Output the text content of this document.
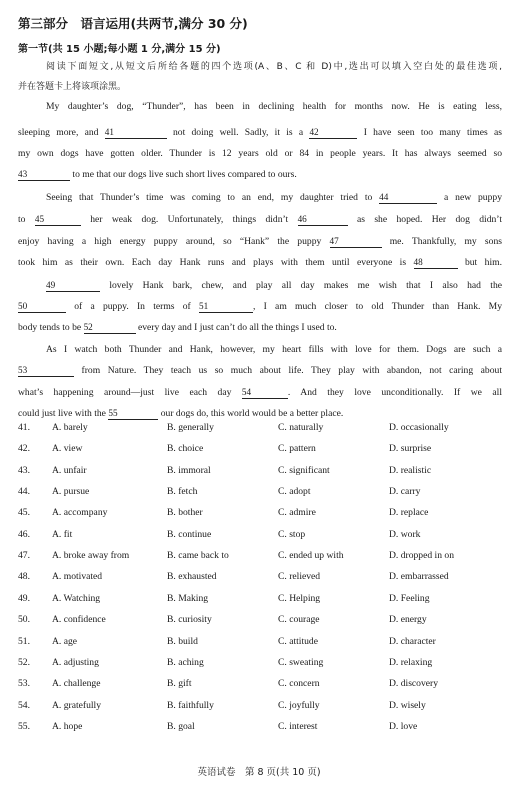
第三部分　语言运用(共两节,满分 30 分)
第一节(共 15 小题;每小题 1 分,满分 15 分)
阅读下面短文,从短文后所给各题的四个选项(A、B、C 和 D)中,选出可以填入空白处的最佳选项,
并在答题卡上将该项涂黑。
My daughter’s dog, “Thunder”, has been in declining health for months now. He is eating less,
sleeping more, and 41	not doing well. Sadly, it is a 42	I have seen too many times as
my own dogs have gotten older. Thunder is 12 years old or 84 in people years. It has always seemed so
43	to me that our dogs live such short lives compared to ours.
Seeing that Thunder’s time was coming to an end, my daughter tried to 44	a new puppy
to 45	her weak dog. Unfortunately, things didn’t 46	as she hoped. Her dog didn’t
enjoy having a high energy puppy around, so “Hank” the puppy 47	me. Thankfully, my sons
took him as their own. Each day Hank runs and plays with them until everyone is 48	but him.
49	lovely Hank bark, chew, and play all day makes me wish that I also had the
50	of a puppy. In terms of 51	, I am much closer to old Thunder than Hank. My
body tends to be 52	every day and I just can’t do all the things I used to.
As I watch both Thunder and Hank, however, my heart fills with love for them. Dogs are such a
53	from Nature. They teach us so much about life. They play with abandon, not caring about
what’s happening around—just live each day 54	. And they love unconditionally. If we all
could just live with the 55	our dogs do, this world would be a better place.
41. A. barely	B. generally	C. naturally	D. occasionally
42. A. view	B. choice	C. pattern	D. surprise
43. A. unfair	B. immoral	C. significant	D. realistic
44. A. pursue	B. fetch	C. adopt	D. carry
45. A. accompany	B. bother	C. admire	D. replace
46. A. fit	B. continue	C. stop	D. work
47. A. broke away from	B. came back to	C. ended up with	D. dropped in on
48. A. motivated	B. exhausted	C. relieved	D. embarrassed
49. A. Watching	B. Making	C. Helping	D. Feeling
50. A. confidence	B. curiosity	C. courage	D. energy
51. A. age	B. build	C. attitude	D. character
52. A. adjusting	B. aching	C. sweating	D. relaxing
53. A. challenge	B. gift	C. concern	D. discovery
54. A. gratefully	B. faithfully	C. joyfully	D. wisely
55. A. hope	B. goal	C. interest	D. love
英语试卷　第 8 页(共 10 页)
